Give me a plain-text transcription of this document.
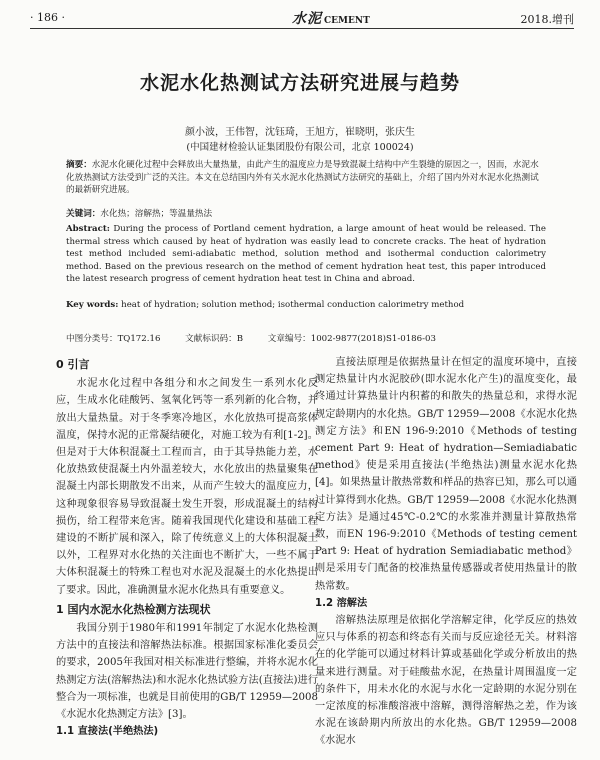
· 186 ·	水泥 CEMENT	2018.增刊
水泥水化热测试方法研究进展与趋势
颜小波，王伟智，沈钰琦，王旭方，崔晓明，张庆生
(中国建材检验认证集团股份有限公司，北京 100024)
摘要：水泥水化硬化过程中会释放出大量热量，由此产生的温度应力是导致混凝土结构中产生裂缝的原因之一，因而，水泥水化放热测试方法受到广泛的关注。本文在总结国内外有关水泥水化热测试方法研究的基础上，介绍了国内外对水泥水化热测试的最新研究进展。
关键词：水化热；溶解热；等温量热法
Abstract: During the process of Portland cement hydration, a large amount of heat would be released. The thermal stress which caused by heat of hydration was easily lead to concrete cracks. The heat of hydration test method included semi-adiabatic method, solution method and isothermal conduction calorimetry method. Based on the previous research on the method of cement hydration heat test, this paper introduced the latest research progress of cement hydration heat test in China and abroad.
Key words: heat of hydration; solution method; isothermal conduction calorimetry method
中图分类号：TQ172.16	文献标识码：B	文章编号：1002-9877(2018)S1-0186-03
0 引言

水泥水化过程中各组分和水之间发生一系列水化反应，生成水化硅酸钙、氢氧化钙等一系列新的化合物，并放出大量热量。对于冬季寒冷地区，水化放热可提高浆体温度，保持水泥的正常凝结硬化，对施工较为有利[1-2]。但是对于大体积混凝土工程而言，由于其导热能力差，水化放热致使混凝土内外温差较大，水化放出的热量聚集在混凝土内部长期散发不出来，从而产生较大的温度应力，这种现象很容易导致混凝土发生开裂，形成混凝土的结构损伤，给工程带来危害。随着我国现代化建设和基础工程建设的不断扩展和深入，除了传统意义上的大体积混凝土以外，工程界对水化热的关注面也不断扩大，一些不属于大体积混凝土的特殊工程也对水泥及混凝土的水化热提出了要求。因此，准确测量水泥水化热具有重要意义。

1 国内水泥水化热检测方法现状

我国分别于1980年和1991年制定了水泥水化热检测方法中的直接法和溶解热法标准。根据国家标准化委员会的要求，2005年我国对相关标准进行整编，并将水泥水化热测定方法(溶解热法)和水泥水化热试验方法(直接法)进行整合为一项标准，也就是目前使用的GB/T 12959—2008《水泥水化热测定方法》[3]。

1.1 直接法(半绝热法)

直接法原理是依据热量计在恒定的温度环境中，直接测定热量计内水泥胶砂(即水泥水化产生)的温度变化，最终通过计算热量计内积蓄的和散失的热量总和，求得水泥规定龄期内的水化热。GB/T 12959—2008《水泥水化热测定方法》和EN 196-9:2010《Methods of testing cement Part 9: Heat of hydration—Semiadiabatic method》使是采用直接法(半绝热法)测量水泥水化热[4]。如果热量计散热常数和样品的热容已知，那么可以通过计算得到水化热。GB/T 12959—2008《水泥水化热测定方法》是通过45℃-0.2℃的水浆准并测量计算散热常数，而EN 196-9:2010《Methods of testing cement Part 9: Heat of hydration Semiadiabatic method》则是采用专门配备的校准热量传感器或者使用热量计的散热常数。

1.2 溶解法

溶解热法原理是依据化学溶解定律，化学反应的热效应只与体系的初态和终态有关而与反应途径无关。材料溶在的化学能可以通过材料计算或基础化学或分析放出的热量来进行测量。对于硅酸盐水泥，在热量计周围温度一定的条件下，用未水化的水泥与水化一定龄期的水泥分别在一定浓度的标准酸溶液中溶解，测得溶解热之差，作为该水泥在该龄期内所放出的水化热。GB/T 12959—2008《水泥水
